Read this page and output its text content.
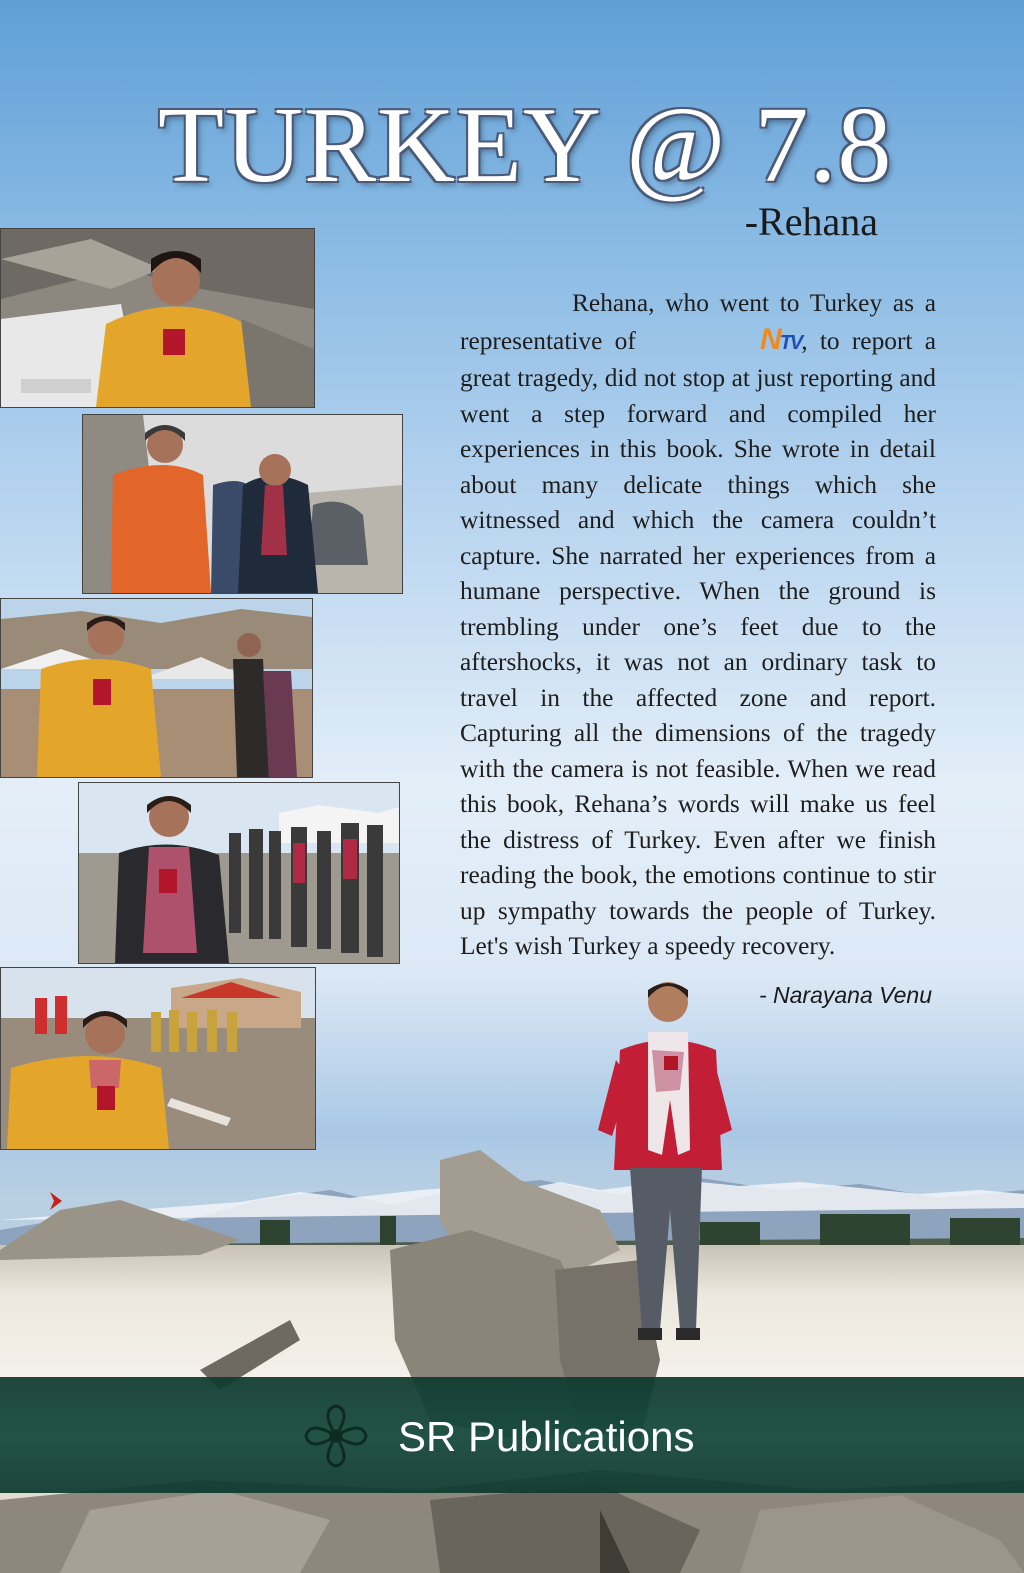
TURKEY @ 7.8
-Rehana

Rehana, who went to Turkey as a representative of	NTV, to report a great tragedy, did not stop at just reporting and went a step forward and compiled her experiences in this book. She wrote in detail about many delicate things which she witnessed and which the camera couldn’t capture. She narrated her experiences from a humane perspective. When the ground is trembling under one’s feet due to the aftershocks, it was not an ordinary task to travel in the affected zone and report. Capturing all the dimensions of the tragedy with the camera is not feasible. When we read this book, Rehana’s words will make us feel the distress of Turkey. Even after we finish reading the book, the emotions continue to stir up sympathy towards the people of Turkey. Let's wish Turkey a speedy recovery.

- Narayana Venu
SR Publications
